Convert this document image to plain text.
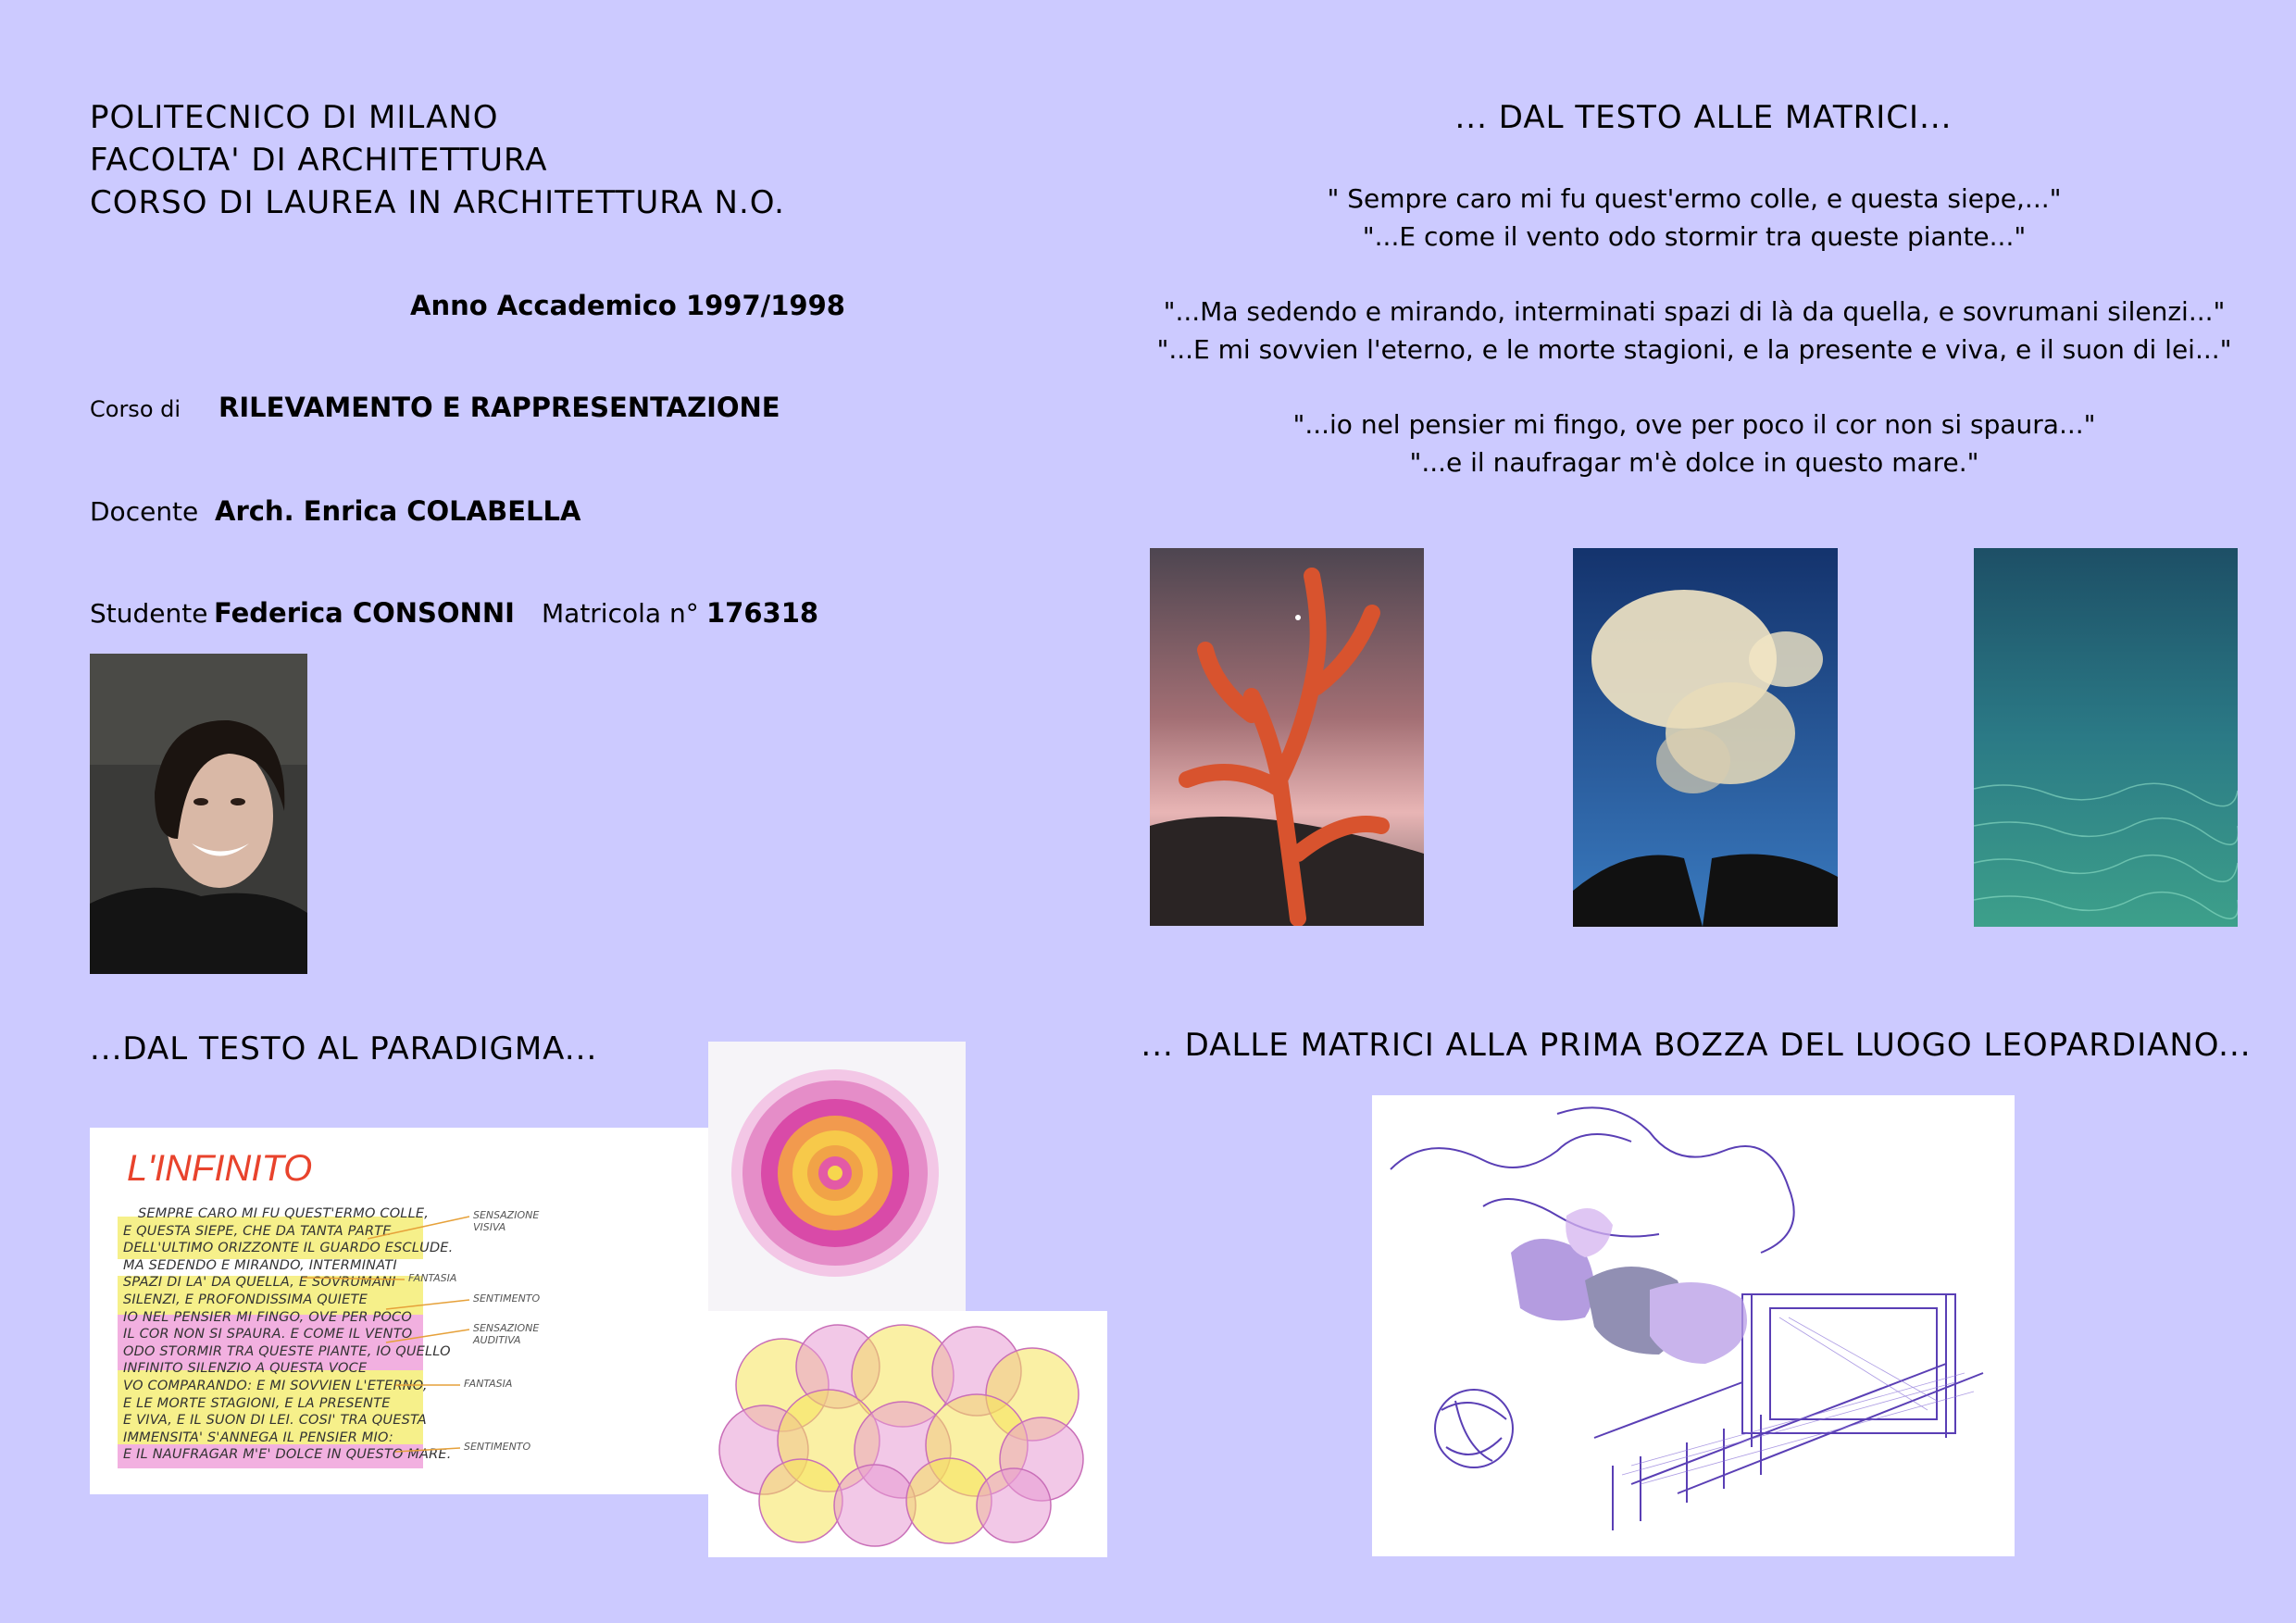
POLITECNICO DI MILANO
FACOLTA' DI ARCHITETTURA
CORSO DI LAUREA IN ARCHITETTURA N.O.
Anno Accademico 1997/1998
Corso di RILEVAMENTO E RAPPRESENTAZIONE
Docente Arch. Enrica COLABELLA
Studente Federica CONSONNI Matricola n° 176318
...DAL TESTO AL PARADIGMA...
L'INFINITO
SEMPRE CARO MI FU QUEST'ERMO COLLE,
E QUESTA SIEPE, CHE DA TANTA PARTE
DELL'ULTIMO ORIZZONTE IL GUARDO ESCLUDE.
MA SEDENDO E MIRANDO, INTERMINATI
SPAZI DI LA' DA QUELLA, E SOVRUMANI
SILENZI, E PROFONDISSIMA QUIETE
IO NEL PENSIER MI FINGO, OVE PER POCO
IL COR NON SI SPAURA. E COME IL VENTO
ODO STORMIR TRA QUESTE PIANTE, IO QUELLO
INFINITO SILENZIO A QUESTA VOCE
VO COMPARANDO: E MI SOVVIEN L'ETERNO,
E LE MORTE STAGIONI, E LA PRESENTE
E VIVA, E IL SUON DI LEI. COSI' TRA QUESTA
IMMENSITA' S'ANNEGA IL PENSIER MIO:
E IL NAUFRAGAR M'E' DOLCE IN QUESTO MARE.
SENSAZIONE VISIVA
FANTASIA
SENTIMENTO
SENSAZIONE AUDITIVA
FANTASIA
SENTIMENTO
... DAL TESTO ALLE MATRICI...
" Sempre caro mi fu quest'ermo colle, e questa siepe,..."
"...E come il vento odo stormir tra queste piante..."
"...Ma sedendo e mirando, interminati spazi di là da quella, e sovrumani silenzi..."
"...E mi sovvien l'eterno, e le morte stagioni, e la presente e viva, e il suon di lei..."
"...io nel pensier mi fingo, ove per poco il cor non si spaura..."
"...e il naufragar m'è dolce in questo mare."
... DALLE MATRICI ALLA PRIMA BOZZA DEL LUOGO LEOPARDIANO...
